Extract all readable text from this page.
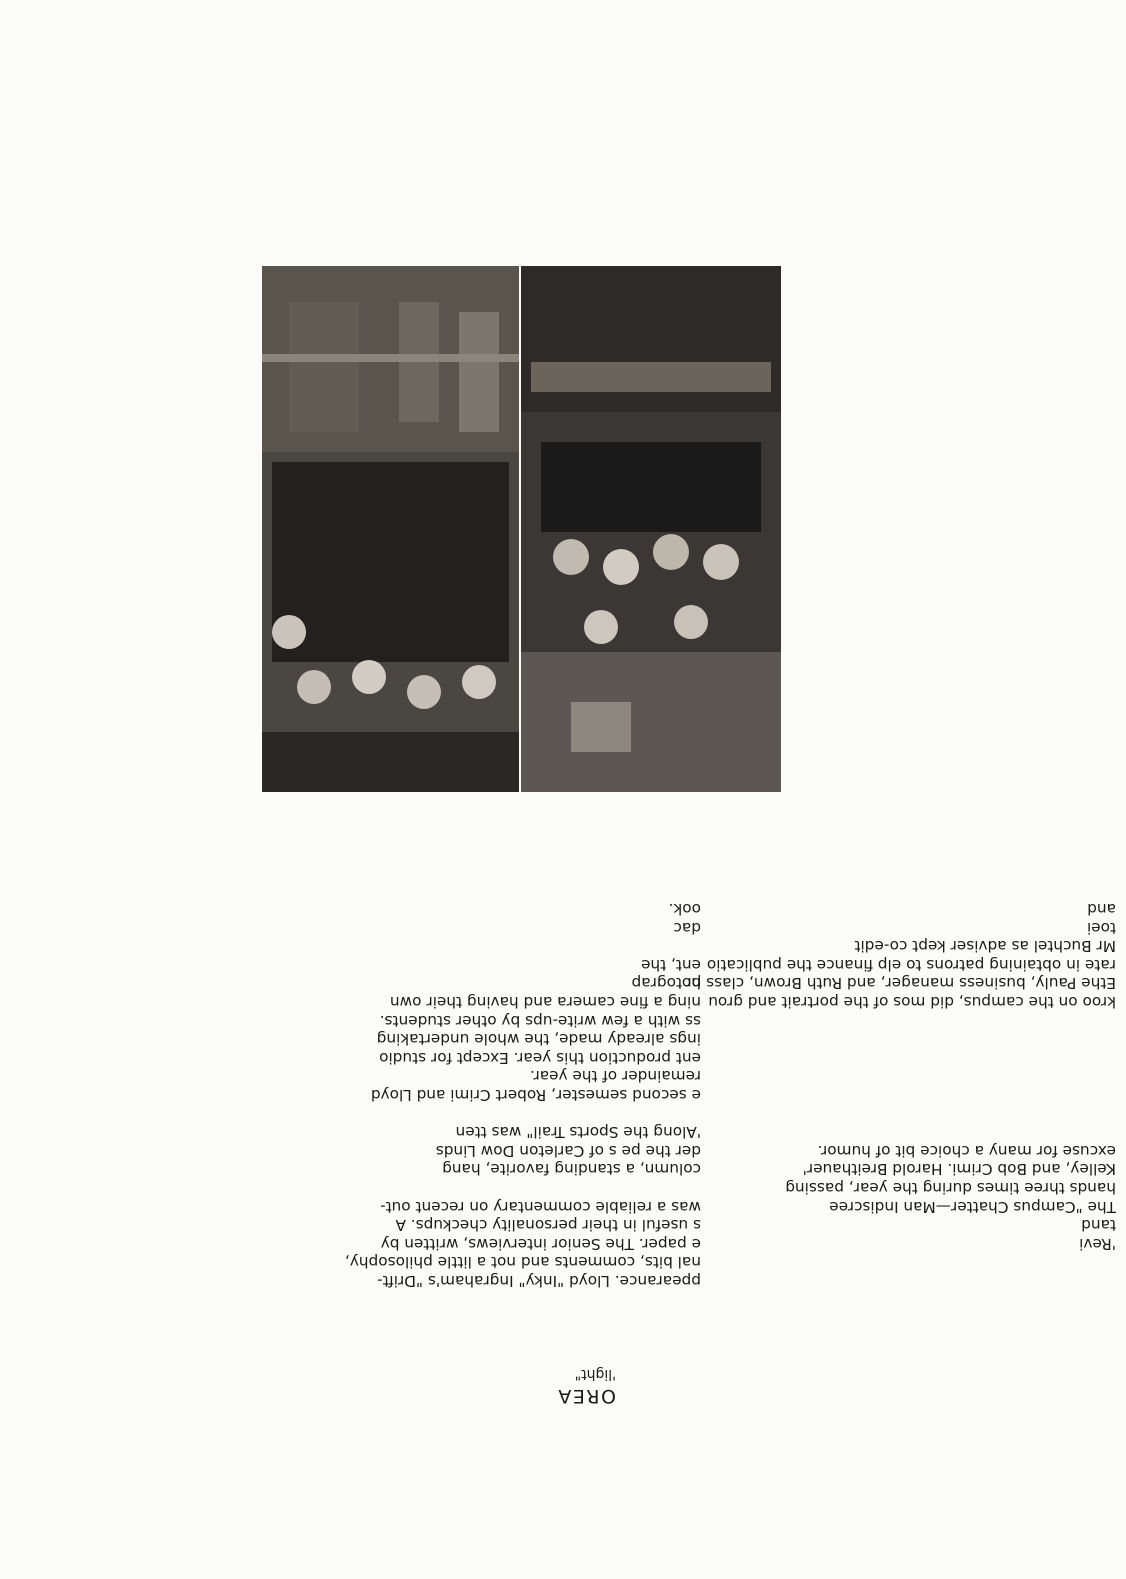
OREA
'light"
'Revi
tand
The "Campus Chatter—Man Indiscree
hands three times during the year, passing
Kelley, and Bob Crimi. Harold Breithauer'
excuse for many a choice bit of humor.
kroo on the campus, did mos of the portrait and grou
Ethe Pauly, business manager, and Ruth Brown, class pr
rate in obtaining patrons to elp finance the publicatio
Mr Buchtel as adviser kept co-edit
toei
and
ppearance. Lloyd "Inky" Ingraham's "Drift-
nal bits, comments and not a little philosophy,
e paper. The Senior interviews, written by
s useful in their personality checkups. A
was a reliable commentary on recent out-
column, a standing favorite, hang
der the pe s of Carleton Dow Linds
'Along the Sports Trail" was tten
e second semester, Robert Crimi and Lloyd
remainder of the year.
ent production this year. Except for studio
ings already made, the whole undertaking
ss with a few write-ups by other students.
ning a fine camera and having their own
hotograp
ent, the
dac
ook.
